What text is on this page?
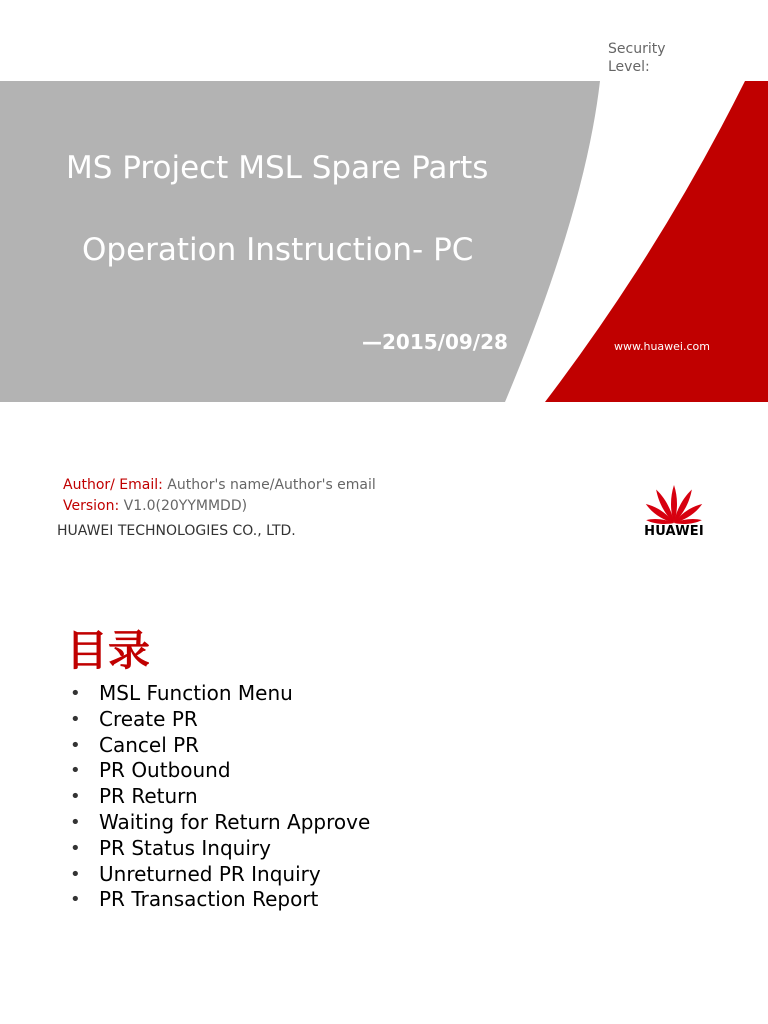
Security
Level:
MS Project MSL Spare Parts
Operation Instruction- PC
—2015/09/28	www.huawei.com
Author/ Email: Author's name/Author's email
Version: V1.0(20YYMMDD)
HUAWEI TECHNOLOGIES CO., LTD.	HUAWEI
目录
• MSL Function Menu
• Create PR
• Cancel PR
• PR Outbound
• PR Return
• Waiting for Return Approve
• PR Status Inquiry
• Unreturned PR Inquiry
• PR Transaction Report
